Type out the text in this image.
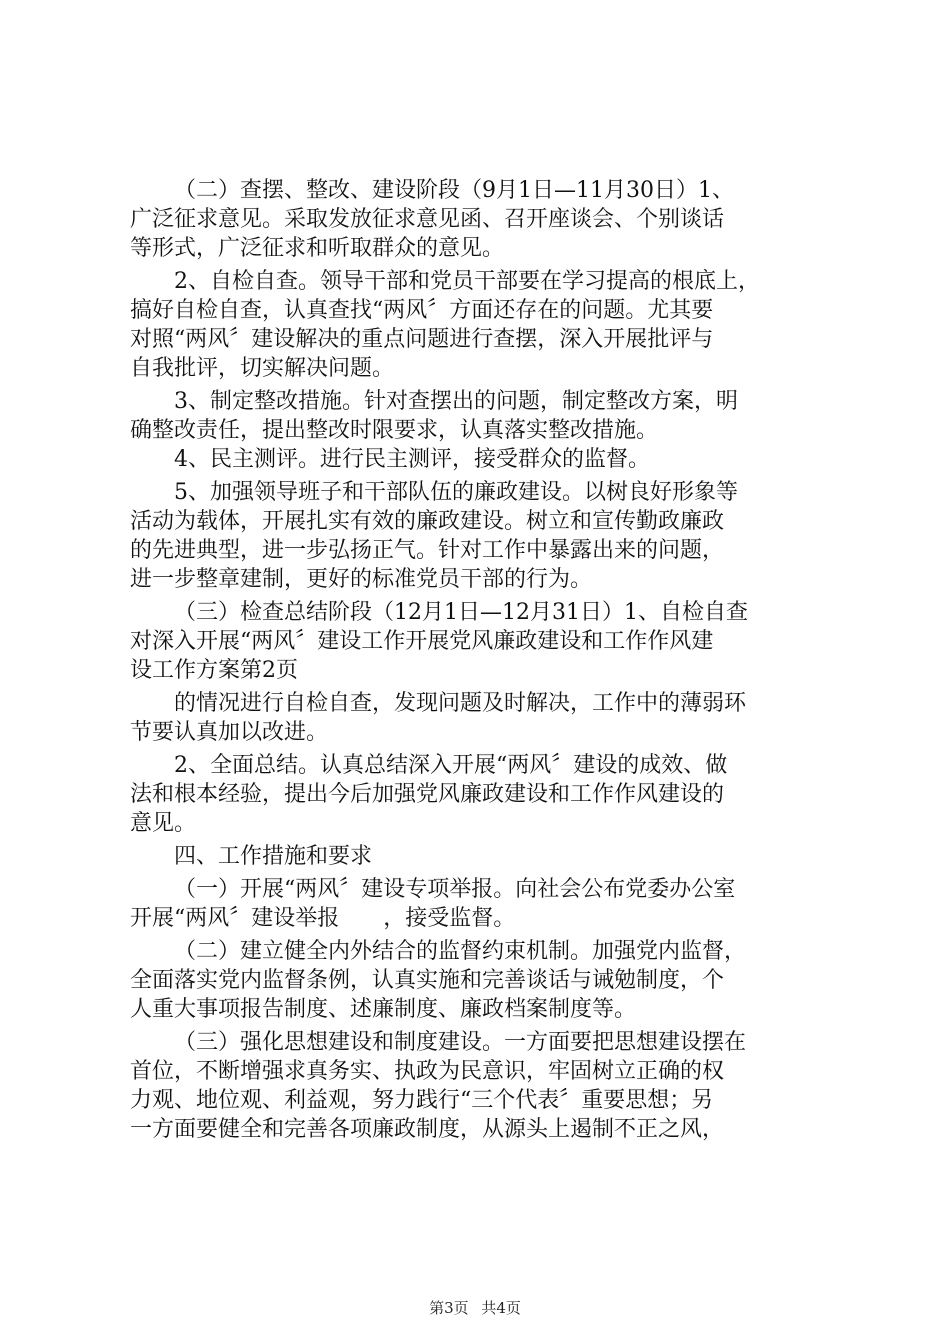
（二）查摆、整改、建设阶段（9月1日—11月30日）1、
广泛征求意见。采取发放征求意见函、召开座谈会、个别谈话
等形式，广泛征求和听取群众的意见。
2、自检自查。领导干部和党员干部要在学习提高的根底上，
搞好自检自查，认真查找“两风〞方面还存在的问题。尤其要
对照“两风〞建设解决的重点问题进行查摆，深入开展批评与
自我批评，切实解决问题。
3、制定整改措施。针对查摆出的问题，制定整改方案，明
确整改责任，提出整改时限要求，认真落实整改措施。
4、民主测评。进行民主测评，接受群众的监督。
5、加强领导班子和干部队伍的廉政建设。以树良好形象等
活动为载体，开展扎实有效的廉政建设。树立和宣传勤政廉政
的先进典型，进一步弘扬正气。针对工作中暴露出来的问题，
进一步整章建制，更好的标准党员干部的行为。
（三）检查总结阶段（12月1日—12月31日）1、自检自查
对深入开展“两风〞建设工作开展党风廉政建设和工作作风建
设工作方案第2页
的情况进行自检自查，发现问题及时解决，工作中的薄弱环
节要认真加以改进。
2、全面总结。认真总结深入开展“两风〞建设的成效、做
法和根本经验，提出今后加强党风廉政建设和工作作风建设的
意见。
四、工作措施和要求
（一）开展“两风〞建设专项举报。向社会公布党委办公室
开展“两风〞建设举报　　，接受监督。
（二）建立健全内外结合的监督约束机制。加强党内监督，
全面落实党内监督条例，认真实施和完善谈话与诫勉制度，个
人重大事项报告制度、述廉制度、廉政档案制度等。
（三）强化思想建设和制度建设。一方面要把思想建设摆在
首位，不断增强求真务实、执政为民意识，牢固树立正确的权
力观、地位观、利益观，努力践行“三个代表〞重要思想；另
一方面要健全和完善各项廉政制度，从源头上遏制不正之风，
第3页 共4页
